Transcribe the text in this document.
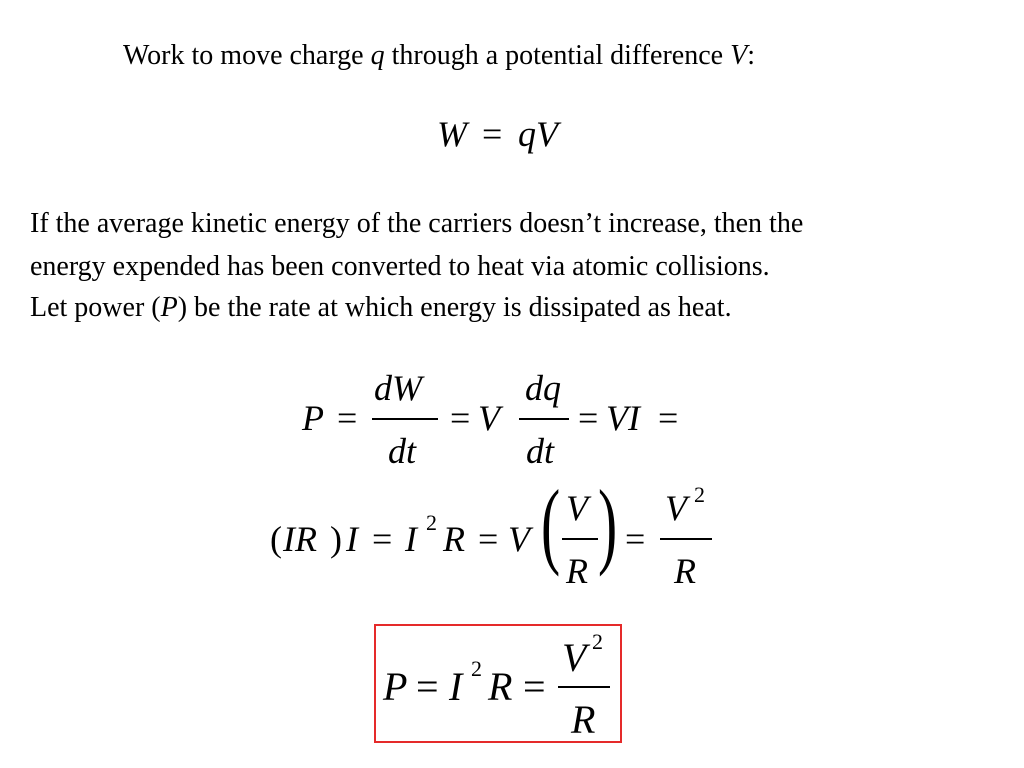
Work to move charge q through a potential difference V:
W = qV
If the average kinetic energy of the carriers doesn’t increase, then the
energy expended has been converted to heat via atomic collisions.
Let power (P) be the rate at which energy is dissipated as heat.
P =
dW
dt
= V
dq
dt
= VI =
( IR ) I = I 2 R = V ( V
R ) =
V 2
R
P = I 2 R =
V 2
R
